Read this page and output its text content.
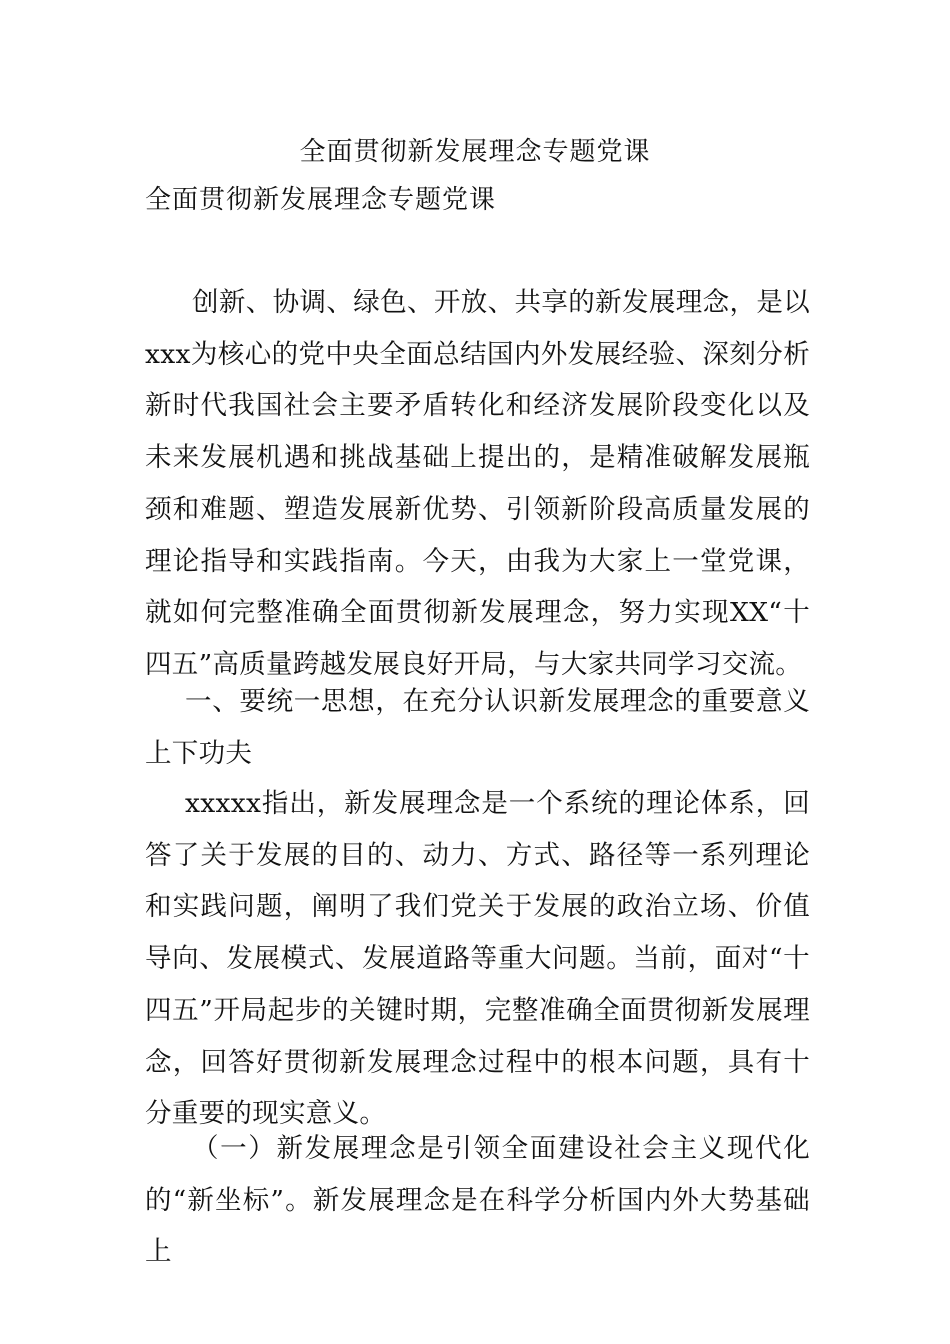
全面贯彻新发展理念专题党课
全面贯彻新发展理念专题党课

创新、协调、绿色、开放、共享的新发展理念，是以xxx为核心的党中央全面总结国内外发展经验、深刻分析新时代我国社会主要矛盾转化和经济发展阶段变化以及未来发展机遇和挑战基础上提出的，是精准破解发展瓶颈和难题、塑造发展新优势、引领新阶段高质量发展的理论指导和实践指南。今天，由我为大家上一堂党课，就如何完整准确全面贯彻新发展理念，努力实现XX“十四五”高质量跨越发展良好开局，与大家共同学习交流。

一、要统一思想，在充分认识新发展理念的重要意义上下功夫

xxxxx指出，新发展理念是一个系统的理论体系，回答了关于发展的目的、动力、方式、路径等一系列理论和实践问题，阐明了我们党关于发展的政治立场、价值导向、发展模式、发展道路等重大问题。当前，面对“十四五”开局起步的关键时期，完整准确全面贯彻新发展理念，回答好贯彻新发展理念过程中的根本问题，具有十分重要的现实意义。

（一）新发展理念是引领全面建设社会主义现代化的“新坐标”。新发展理念是在科学分析国内外大势基础上
